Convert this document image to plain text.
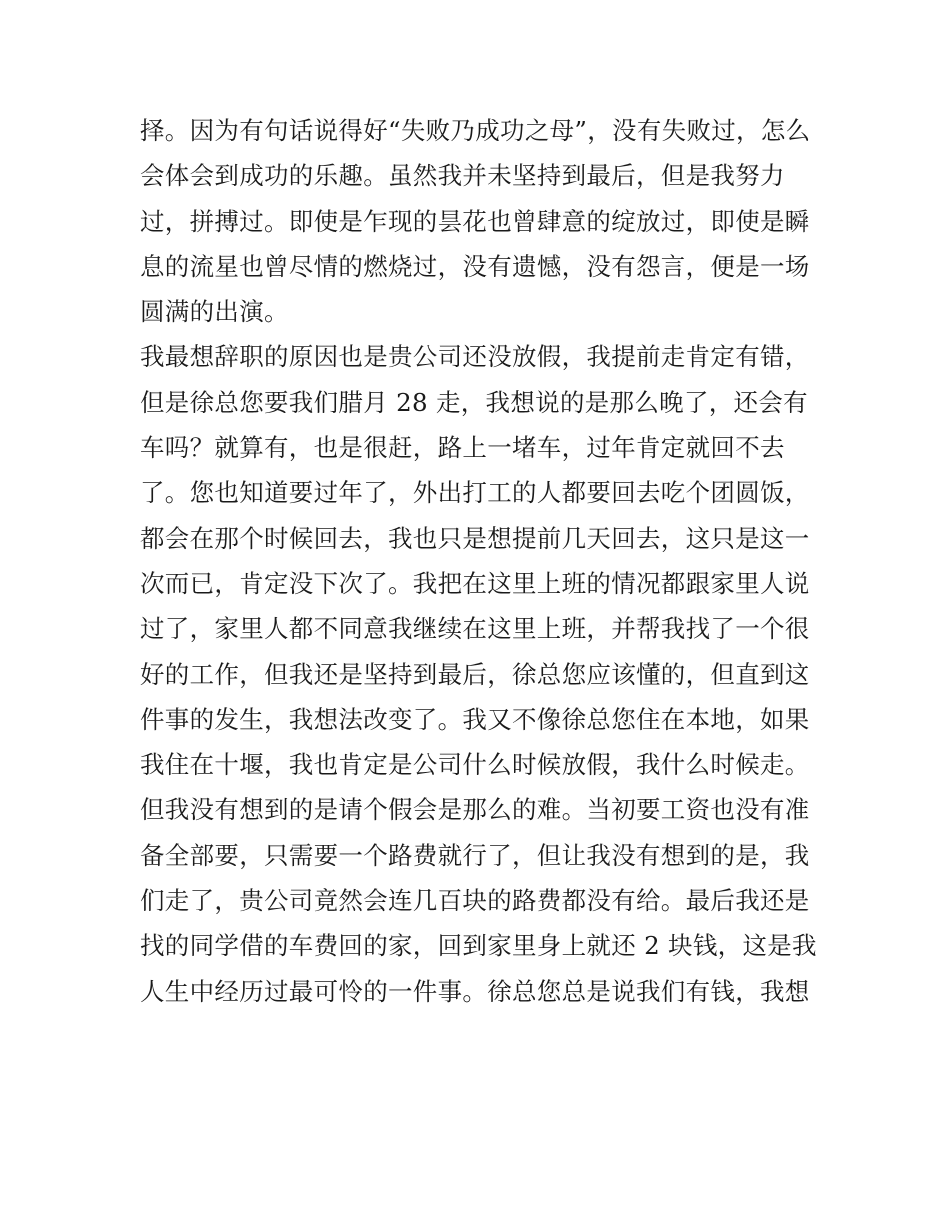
择。因为有句话说得好“失败乃成功之母”，没有失败过，怎么
会体会到成功的乐趣。虽然我并未坚持到最后，但是我努力
过，拼搏过。即使是乍现的昙花也曾肆意的绽放过，即使是瞬
息的流星也曾尽情的燃烧过，没有遗憾，没有怨言，便是一场
圆满的出演。
我最想辞职的原因也是贵公司还没放假，我提前走肯定有错，
但是徐总您要我们腊月 28 走，我想说的是那么晚了，还会有
车吗？就算有，也是很赶，路上一堵车，过年肯定就回不去
了。您也知道要过年了，外出打工的人都要回去吃个团圆饭，
都会在那个时候回去，我也只是想提前几天回去，这只是这一
次而已，肯定没下次了。我把在这里上班的情况都跟家里人说
过了，家里人都不同意我继续在这里上班，并帮我找了一个很
好的工作，但我还是坚持到最后，徐总您应该懂的，但直到这
件事的发生，我想法改变了。我又不像徐总您住在本地，如果
我住在十堰，我也肯定是公司什么时候放假，我什么时候走。
但我没有想到的是请个假会是那么的难。当初要工资也没有准
备全部要，只需要一个路费就行了，但让我没有想到的是，我
们走了，贵公司竟然会连几百块的路费都没有给。最后我还是
找的同学借的车费回的家，回到家里身上就还 2 块钱，这是我
人生中经历过最可怜的一件事。徐总您总是说我们有钱，我想
